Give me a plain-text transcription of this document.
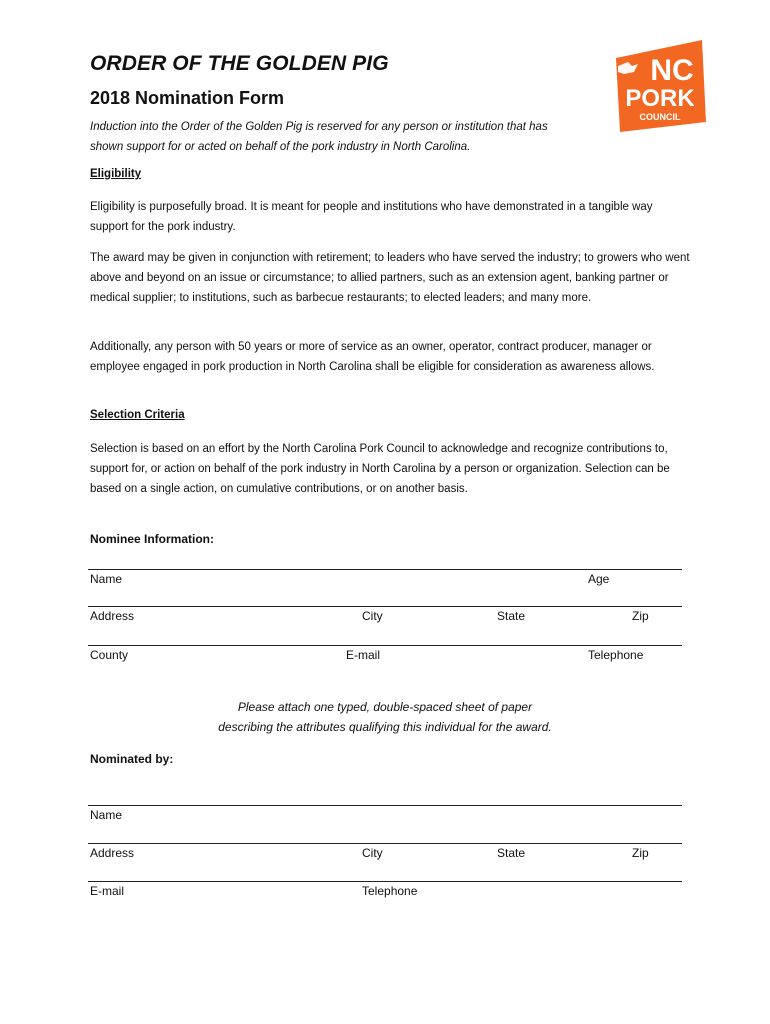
ORDER OF THE GOLDEN PIG
2018 Nomination Form

Induction into the Order of the Golden Pig is reserved for any person or institution that has
shown support for or acted on behalf of the pork industry in North Carolina.

NC
PORK
COUNCIL

Eligibility

Eligibility is purposefully broad. It is meant for people and institutions who have demonstrated in a tangible way support for the pork industry.

The award may be given in conjunction with retirement; to leaders who have served the industry; to growers who went above and beyond on an issue or circumstance; to allied partners, such as an extension agent, banking partner or medical supplier; to institutions, such as barbecue restaurants; to elected leaders; and many more.

Additionally, any person with 50 years or more of service as an owner, operator, contract producer, manager or employee engaged in pork production in North Carolina shall be eligible for consideration as awareness allows.

Selection Criteria

Selection is based on an effort by the North Carolina Pork Council to acknowledge and recognize contributions to, support for, or action on behalf of the pork industry in North Carolina by a person or organization. Selection can be based on a single action, on cumulative contributions, or on another basis.

Nominee Information:

Name	Age
Address	City	State	Zip
County	E-mail	Telephone

Please attach one typed, double-spaced sheet of paper
describing the attributes qualifying this individual for the award.

Nominated by:

Name
Address	City	State	Zip
E-mail	Telephone
